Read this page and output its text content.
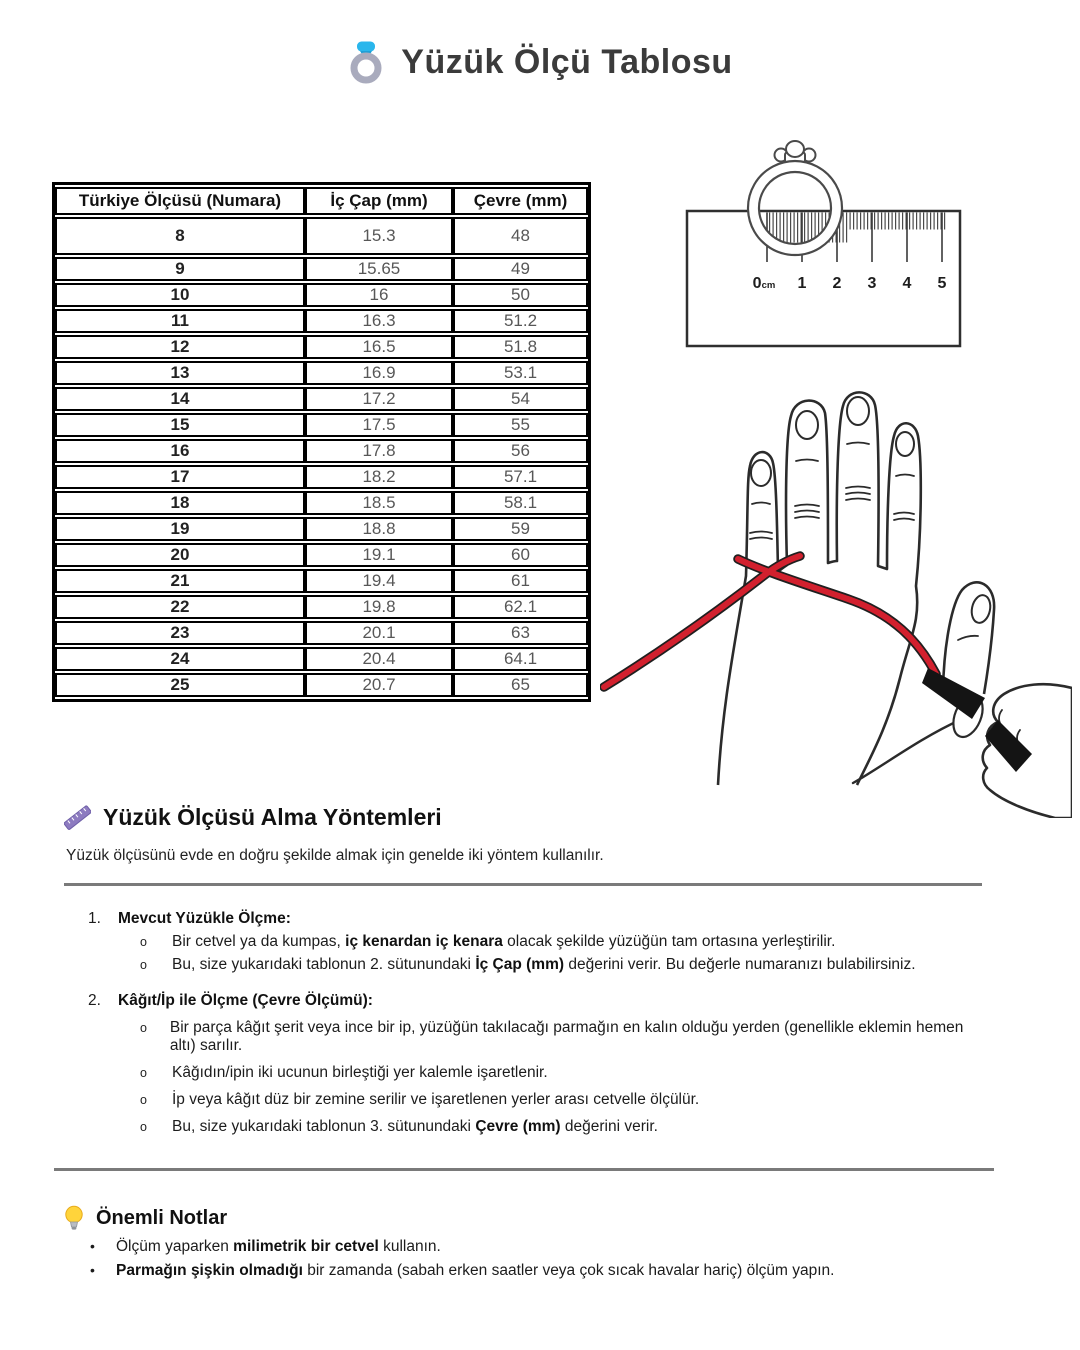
Yüzük Ölçü Tablosu
Türkiye Ölçüsü (Numara)	İç Çap (mm)	Çevre (mm)
8	15.3	48
9	15.65	49
10	16	50
11	16.3	51.2
12	16.5	51.8
13	16.9	53.1
14	17.2	54
15	17.5	55
16	17.8	56
17	18.2	57.1
18	18.5	58.1
19	18.8	59
20	19.1	60
21	19.4	61
22	19.8	62.1
23	20.1	63
24	20.4	64.1
25	20.7	65
0cm 1 2 3 4 5
Yüzük Ölçüsü Alma Yöntemleri

Yüzük ölçüsünü evde en doğru şekilde almak için genelde iki yöntem kullanılır.

1.	Mevcut Yüzükle Ölçme:
o	Bir cetvel ya da kumpas, iç kenardan iç kenara olacak şekilde yüzüğün tam ortasına yerleştirilir.
o	Bu, size yukarıdaki tablonun 2. sütunundaki İç Çap (mm) değerini verir. Bu değerle numaranızı bulabilirsiniz.
2.	Kâğıt/İp ile Ölçme (Çevre Ölçümü):
o	Bir parça kâğıt şerit veya ince bir ip, yüzüğün takılacağı parmağın en kalın olduğu yerden (genellikle eklemin hemen altı) sarılır.
o	Kâğıdın/ipin iki ucunun birleştiği yer kalemle işaretlenir.
o	İp veya kâğıt düz bir zemine serilir ve işaretlenen yerler arası cetvelle ölçülür.
o	Bu, size yukarıdaki tablonun 3. sütunundaki Çevre (mm) değerini verir.
Önemli Notlar
•	Ölçüm yaparken milimetrik bir cetvel kullanın.
•	Parmağın şişkin olmadığı bir zamanda (sabah erken saatler veya çok sıcak havalar hariç) ölçüm yapın.
